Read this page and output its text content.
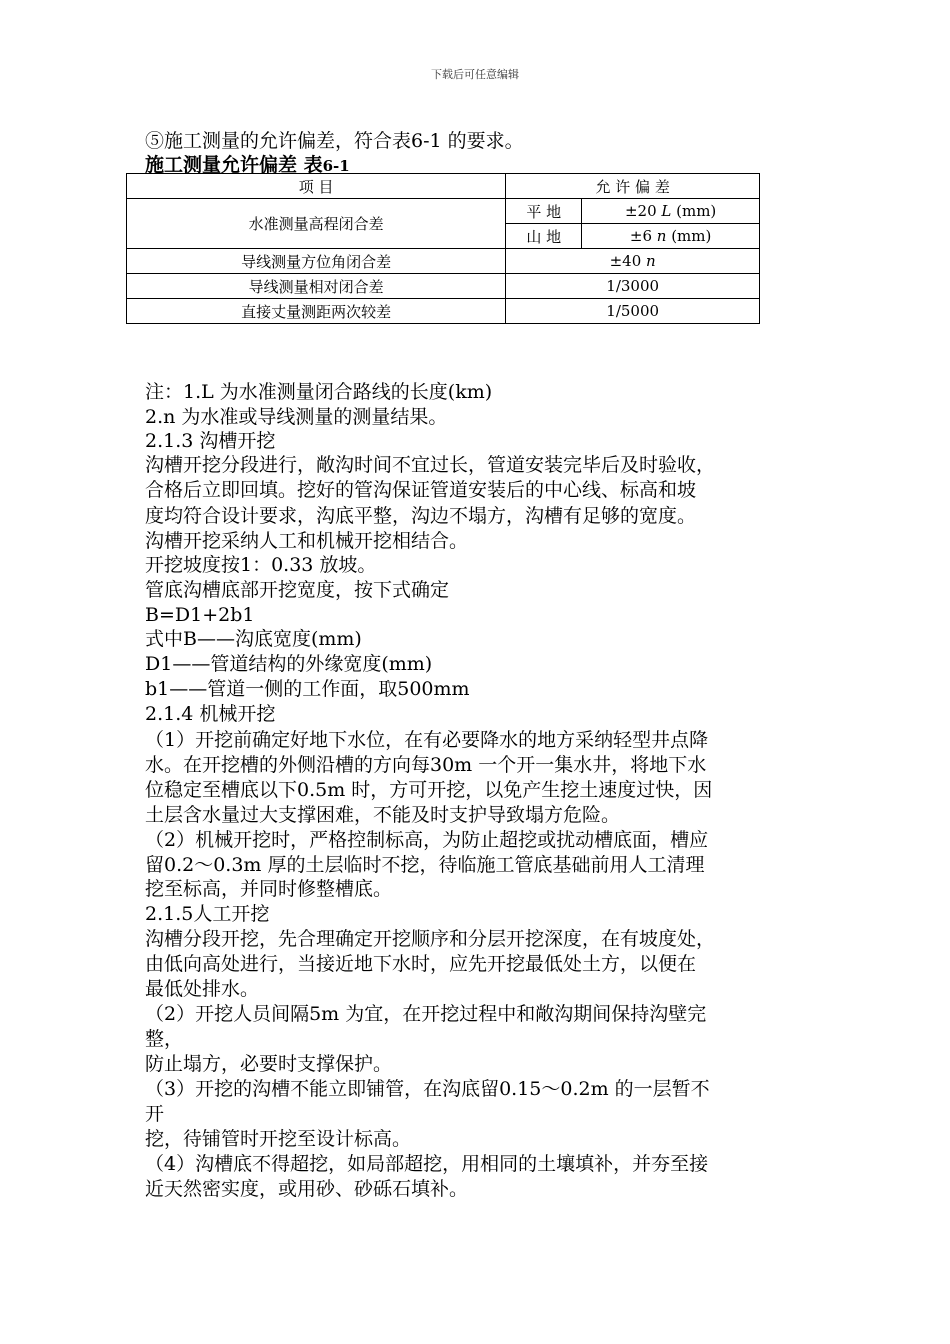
下载后可任意编辑
⑤施工测量的允许偏差，符合表6-1 的要求。
施工测量允许偏差 表6-1
项 目	允 许 偏 差	
水准测量高程闭合差	平 地	±20 L (mm)
	山 地	±6 n (mm)
导线测量方位角闭合差	±40 n	
导线测量相对闭合差	1/3000	
直接丈量测距两次较差	1/5000	
注：1.L 为水准测量闭合路线的长度(km)
2.n 为水准或导线测量的测量结果。
2.1.3 沟槽开挖
沟槽开挖分段进行，敞沟时间不宜过长，管道安装完毕后及时验收，
合格后立即回填。挖好的管沟保证管道安装后的中心线、标高和坡
度均符合设计要求，沟底平整，沟边不塌方，沟槽有足够的宽度。
沟槽开挖采纳人工和机械开挖相结合。
开挖坡度按1：0.33 放坡。
管底沟槽底部开挖宽度，按下式确定
B=D1+2b1
式中B——沟底宽度(mm)
D1——管道结构的外缘宽度(mm)
b1——管道一侧的工作面，取500mm
2.1.4 机械开挖
（1）开挖前确定好地下水位，在有必要降水的地方采纳轻型井点降
水。在开挖槽的外侧沿槽的方向每30m 一个开一集水井，将地下水
位稳定至槽底以下0.5m 时，方可开挖，以免产生挖土速度过快，因
土层含水量过大支撑困难，不能及时支护导致塌方危险。
（2）机械开挖时，严格控制标高，为防止超挖或扰动槽底面，槽应
留0.2～0.3m 厚的土层临时不挖，待临施工管底基础前用人工清理
挖至标高，并同时修整槽底。
2.1.5人工开挖
沟槽分段开挖，先合理确定开挖顺序和分层开挖深度，在有坡度处，
由低向高处进行，当接近地下水时，应先开挖最低处土方，以便在
最低处排水。
（2）开挖人员间隔5m 为宜，在开挖过程中和敞沟期间保持沟壁完
整，
防止塌方，必要时支撑保护。
（3）开挖的沟槽不能立即铺管，在沟底留0.15～0.2m 的一层暂不
开
挖，待铺管时开挖至设计标高。
（4）沟槽底不得超挖，如局部超挖，用相同的土壤填补，并夯至接
近天然密实度，或用砂、砂砾石填补。
